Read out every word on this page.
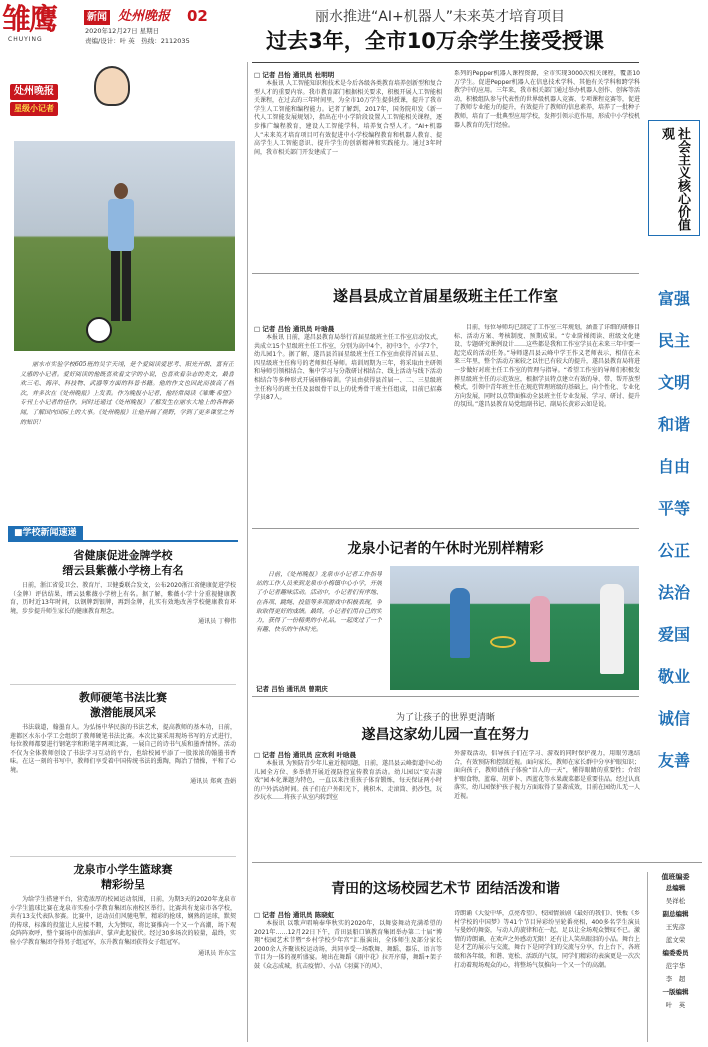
雏鹰
CHUYING
新闻 处州晚报 02
2020年12月27日 星期日
责编/设计：叶 英　热线：2112035
丽水推进“AI+机器人”未来英才培育项目
过去3年，全市10万余学生接受授课
□ 记者 吕怡 通讯员 杜明明
本报讯 人工智能知识和技术是今后各级各类教育培养创新型和复合型人才的重要内容。我市教育部门根据相关要求，积极开展人工智能相关课程，在过去的三年时间里，为全市10万学生提供授课，提升了我市学生人工智能和编程能力。记者了解到，2017年，国务院印发《新一代人工智能发展规划》，指出在中小学阶段设置人工智能相关课程，逐步推广编程教育，建设人工智能学科，培养复合型人才。“AI+机器人”未来英才培育项目可有效促进中小学校编程教育和机器人教育、提高学生人工智能意识、提升学生的创新精神和实践能力。通过3年时间，我市相关部门开发建成了一
系列的Pepper机器人课程资源，全市实现3000次相关课程，覆盖10万学生。促进Pepper机器人在信息技术学科、其他有关学科和跨学科教学中的应用。三年来，我市相关部门通过举办机器人创作、创客等活动，积极组队参与代表性的世界级机器人竞赛、专项课程竞赛等，促进了教师专业能力的提升，有效提升了教师的信息素养，培养了一批种子教师，培育了一批典型应用学校，发挥引领示范作用，形成中小学校机器人教育的先行经验。
处州晚报
星级小记者
丽水市实验学校605班的吴宇天翊，是个爱阅读爱思考、阳光开朗、富有正义感的小记者。爱好阅读的他既喜欢看文学的小说，也喜欢看杂志的类文，最喜欢三毛、海洋、科技物、武器等方面的科普书籍。他的作文也因此而拔高了档次，并多次在《处州晚报》上发表。作为晚报小记者，他经常阅读《雏鹰·希望》专刊上小记者的佳作，同时还通过《处州晚报》了解发生在丽水大地上的各种新闻，了解国内国际上的大事。《处州晚报》让他开阔了视野，学到了更多课堂之外的知识！
■学校新闻速递
省健康促进金牌学校
缙云县紫薇小学榜上有名
日前，浙江省爱卫会、教育厅、卫健委联合发文，公布2020浙江省健康促进学校（金牌）评估结果，缙云县紫薇小学榜上有名。据了解，紫薇小学十分重视健康教育，历时近13年时间，以钢牌到银牌，再到金牌，扎实有效地改善学校健康教育环境，步步提升师生家长的健康教育理念。
通讯员 丁柳伟
教师硬笔书法比赛
激潜能展风采
书法载道，翰墨育人。为弘扬中华民族的书法艺术，提高教师的基本功，日前，莲都区水东小学工会组织了教师硬笔书法比赛。本次比赛采用现场书写的方式进行，每位教师都要进行钢笔字和粉笔字两项比赛，一展自己的诗书气质和墨香情怀。活动不仅为全体教师创设了书法学习互动的平台，也给校园平添了一股浓浓的翰墨书香味。在这一刻的书写中，教师们享受着中国传统书法的熏陶，陶冶了情操，平和了心境。
通讯员 郑爽 查娟
龙泉市小学生篮球赛
精彩纷呈
为给学生搭建平台，营造浓厚的校园运动氛围，日前，为期3天的2020年龙泉市小学生篮球比赛在龙泉市实验小学教育集团东南校区举行。比赛共有龙泉市各学校，共有13支代表队参赛。比赛中，运动员们风驰电掣，精彩的抢球，娴熟的运球，默契的传球，标准的投篮让人应接不暇，大为赞叹，将比赛推向一个又一个高潮，场下观众阵阵欢呼，整个赛场中的加油声、掌声此起彼伏。经过30多场次的较量，最终，实验小学教育集团夺得男子组冠军，东升教育集团获得女子组冠军。
通讯员 许东宝
社会主义核心价值观
富强
民主
文明
和谐
自由
平等
公正
法治
爱国
敬业
诚信
友善
遂昌县成立首届星级班主任工作室
□ 记者 吕怡 通讯员 叶晗晨
本报讯 日前，遂昌县教育局举行首届星级班主任工作室启动仪式，共成立15个星级班主任工作室，分别为高中4个，初中3个，小学7个，幼儿园1个。据了解，遂昌县首届星级班主任工作室由获得首届五星、四星级班主任称号的老师担任导师。培训周期为三年，将采取由主研领和导师引领相结合、集中学习与分散研讨相结合、线上活动与线下活动相结合等多种形式开展研修培训。学员由获得县首届一、二、三星级班主任称号的班主任及县级骨干以上的优秀骨干班主任组成，目前已招募学员87人。
目前，每位导师均已制定了工作室三年规划，涵盖了详细的研修目标、活动方案、考核制度、预期成果。“专业阶梯阅读、班级文化建设、专题研究课例设计……这些都是我和工作室学员在未来三年中要一起完成的活动任务。”导师遂昌县云峰中学王作义老师表示，相信在未来三年里，整个活动方案较之以往已有较大的提升，遂昌县教育局将进一步做好对班主任工作室的管理与指导。“希望工作室的导师们积极发挥星级班主任的示范效应，根据学员特点建立有效的导、带、帮开放型模式，引领中青年班主任在规范管理班级的基础上，向个性化、专业化方向发展，同时以点带面推动全县班主任专业发展、学习、研讨、提升的氛围。”遂昌县教育局党组副书记、副局长黄彩云如是说。
龙泉小记者的午休时光别样精彩
日前，《处州晚报》龙泉市小记者工作指导站的工作人员来到龙泉市小梅镇中心小学，开展了小记者趣味活动。活动中，小记者们有序地、在各项、跳绳、投篮等多项游戏中积极表现，争取取得更好的成绩。最终，小记者们用自己的实力，获得了一份精美的小礼品，一起度过了一个有趣、快乐的午休时光。
记者 吕怡 通讯员 曾期庆
为了让孩子的世界更清晰
遂昌这家幼儿园一直在努力
□ 记者 吕怡 通讯员 应欢利 叶晗晨
本报讯 为预防青少年儿童近视问题，日前，遂昌县云峰街道中心幼儿园全方位、多举措开展近视防控宣传教育活动。幼儿园以“安吉游戏”园本化课题为特色，一直以来注重孩子体育锻炼，每天保证两小时的户外活动时间。孩子们在户外阳光下，挑积木、走滚筒、扔沙包，玩沙玩水……将孩子从室内转到室
外游戏活动，倡导孩子们在学习、游戏的同时保护视力，用眼劳逸结合，有效预防和控制近视。面向家长，教师在家长群中分享护眼知识；面向孩子，教师请孩子体验“盲人的一天”，懂得眼睛的重要性；介绍护眼食物，蓝莓、胡萝卜、西蓝花等水果蔬菜都是重要佳品。经过认真落实，幼儿园保护孩子视力方面取得了显著成效，目前在园幼儿无一人近视。
青田的这场校园艺术节 团结活泼和谐
□ 记者 吕怡 通讯员 陈晓虹
本报讯 以歌声唱响奉华秋实的2020年，以舞姿舞动充满希望的2021年……12月22日下午，青田县船口镇教育集团举办第二十届“博翔”校园艺术节暨“乡村学校少年宫”汇报演出，全体师生及部分家长2000余人齐聚该校运动场，共同享受一场歌舞、舞蹈、器乐、语言等节目为一体的视听盛宴。境出在舞蹈《雨中花》拉开序幕，舞蹈+架子鼓《众志成城，抗击疫情》、小品《羽翼下的风》、
诗朗诵《大爱中华，点亮希望》、校园情景剧《最好的我们》、快板《乡村学校的中国梦》等41个节目异彩纷呈轮番亮相，400多名学生演员与曼妙的舞姿，与动人的旋律和在一起，足以让全场观众赞叹不已。激情的诗朗诵，在欢声之外感动无限！还有让人笑出眼泪的小品。舞台上是才艺的展示与交流，舞台下是同学们的交流与分享，台上台下，各班级和各年级，和谐、宽松、活跃的气氛，同学们精彩的表演更是一次次打动着现场观众的心，将整场气氛推向一个又一个的高潮。
值班编委
总编辑
吴祥松
副总编辑
王宪彦
蓝文荣
编委委员
范宇华
李　超
一版编辑
叶　英
